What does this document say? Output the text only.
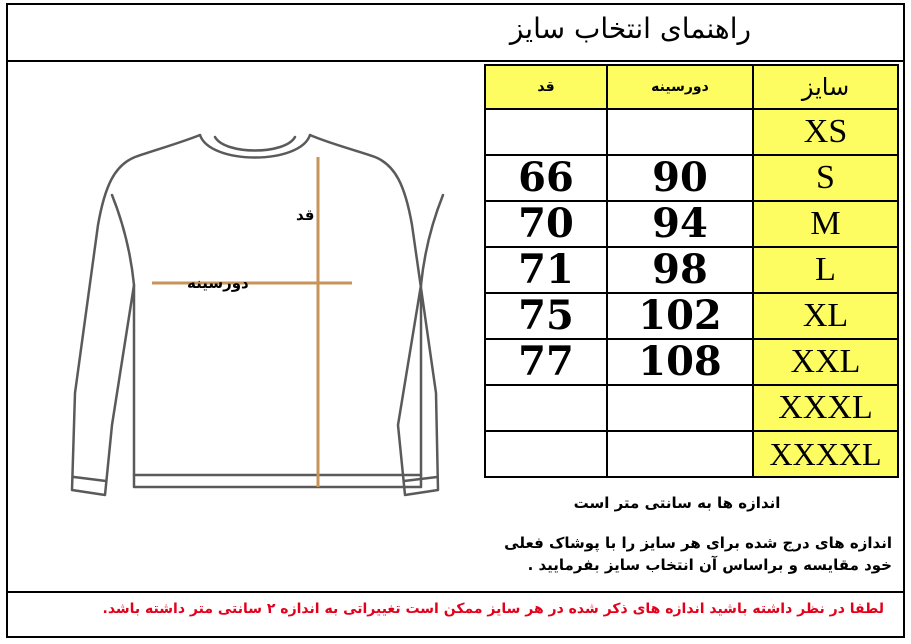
راهنمای انتخاب سایز
قد
دورسینه
قد	دورسینه	سایز
		XS
66	90	S
70	94	M
71	98	L
75	102	XL
77	108	XXL
		XXXL
		XXXXL
اندازه ها به سانتی متر است
اندازه های درج شده برای هر سایز را با پوشاک فعلی
خود مقایسه و براساس آن انتخاب سایز بفرمایید .
لطفا در نظر داشته باشید اندازه های ذکر شده در هر سایز ممکن است تغییراتی به اندازه ۲ سانتی متر داشته باشد.
